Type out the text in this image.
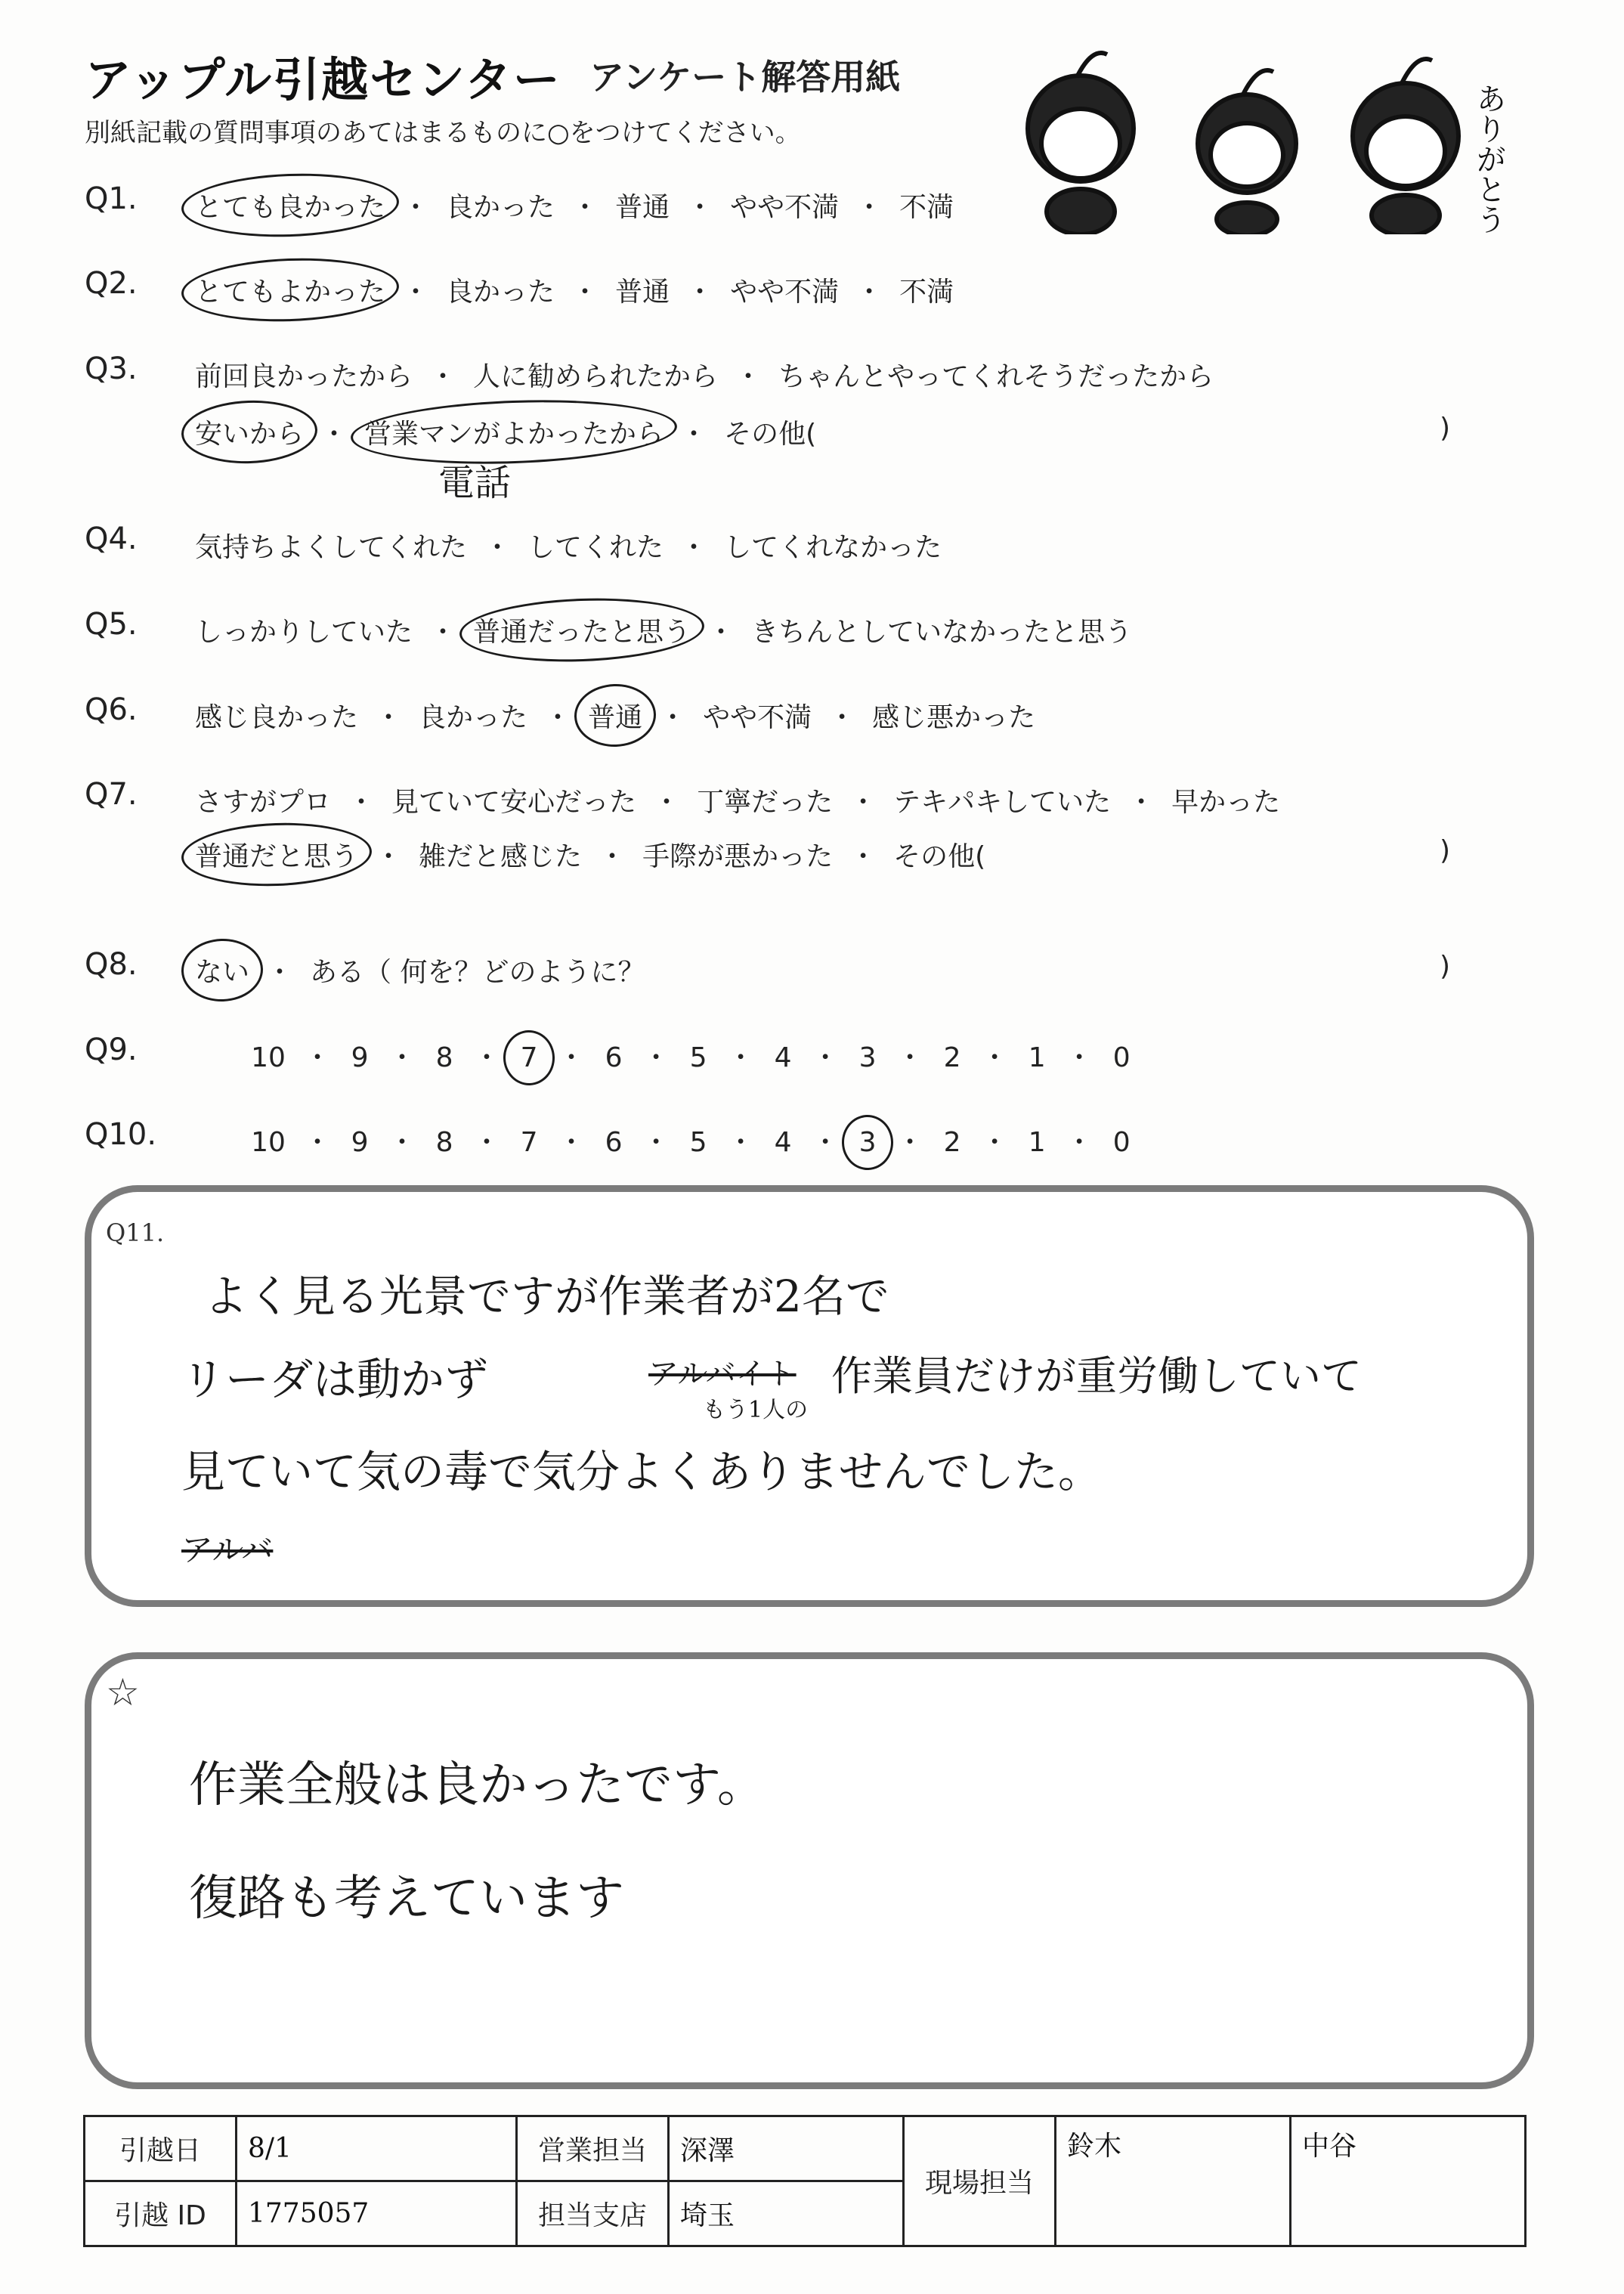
アップル引越センター アンケート解答用紙
別紙記載の質問事項のあてはまるものに○をつけてください。	ありがとう
Q1. とても良かった ・ 良かった ・ 普通 ・ やや不満 ・ 不満
Q2. とてもよかった ・ 良かった ・ 普通 ・ やや不満 ・ 不満
Q3. 前回良かったから ・ 人に勧められたから ・ ちゃんとやってくれそうだったから
安いから ・ 営業マンがよかったから ・ その他(	)
電話
Q4. 気持ちよくしてくれた ・ してくれた ・ してくれなかった
Q5. しっかりしていた ・ 普通だったと思う ・ きちんとしていなかったと思う
Q6. 感じ良かった ・ 良かった ・ 普通 ・ やや不満 ・ 感じ悪かった
Q7. さすがプロ ・ 見ていて安心だった ・ 丁寧だった ・ テキパキしていた ・ 早かった
普通だと思う ・ 雑だと感じた ・ 手際が悪かった ・ その他(	)
Q8. ない ・ ある（ 何を？どのように？	)
Q9.	10 ・ 9 ・ 8 ・ 7 ・ 6 ・ 5 ・ 4 ・ 3 ・ 2 ・ 1 ・ 0
Q10.	10 ・ 9 ・ 8 ・ 7 ・ 6 ・ 5 ・ 4 ・ 3 ・ 2 ・ 1 ・ 0
Q11.
よく見る光景ですが作業者が2名で
リーダは動かず	アルバイト 作業員だけが重労働していて
もう1人の
見ていて気の毒で気分よくありませんでした。
アルバ
☆
作業全般は良かったです。
復路も考えています
引越日	8/1	営業担当	深澤	現場担当	鈴木	中谷
引越 ID	1775057	担当支店	埼玉			
